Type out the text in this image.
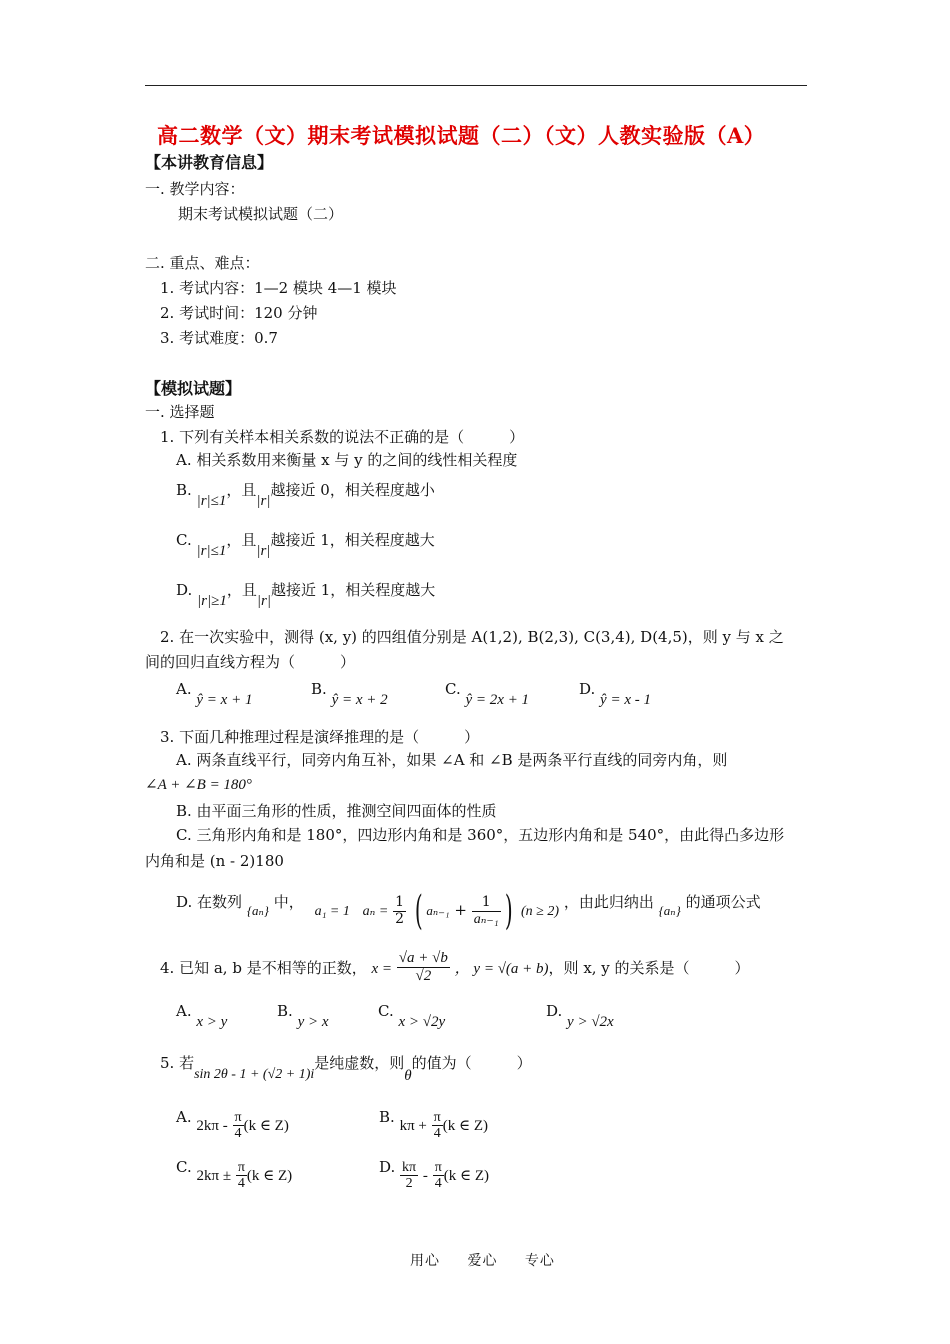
高二数学（文）期末考试模拟试题（二）（文）人教实验版（A）
【本讲教育信息】
一. 教学内容：
期末考试模拟试题（二）
二. 重点、难点：
1. 考试内容：1—2 模块 4—1 模块
2. 考试时间：120 分钟
3. 考试难度：0.7
【模拟试题】
一. 选择题
1. 下列有关样本相关系数的说法不正确的是（　　　）
A. 相关系数用来衡量 x 与 y 的之间的线性相关程度
B. |r|≤1，且|r|越接近 0，相关程度越小
C. |r|≤1，且|r|越接近 1，相关程度越大
D. |r|≥1，且|r|越接近 1，相关程度越大
2. 在一次实验中，测得 (x, y) 的四组值分别是 A(1,2), B(2,3), C(3,4), D(4,5)，则 y 与 x 之
间的回归直线方程为（　　　）
A. ŷ = x + 1
B. ŷ = x + 2
C. ŷ = 2x + 1
D. ŷ = x - 1
3. 下面几种推理过程是演绎推理的是（　　　）
A. 两条直线平行，同旁内角互补，如果 ∠A 和 ∠B 是两条平行直线的同旁内角，则
∠A + ∠B = 180°
B. 由平面三角形的性质，推测空间四面体的性质
C. 三角形内角和是 180°，四边形内角和是 360°，五边形内角和是 540°，由此得凸多边形
内角和是 (n - 2)180
D. 在数列 {aₙ} 中， a₁ = 1 $a_n = \frac{1}{2}$ ( $a_{n-1} + \frac{1}{\text{aₙ₋₁}}$ ) (n ≥ 2) ，由此归纳出 {aₙ} 的通项公式
4. 已知 a, b 是不相等的正数， $x = \frac{√a + √b}{√2}$ ， y = √(a + b)，则 x, y 的关系是（　　　）
A. x > y
B. y > x
C. x > √2y
D. y > √2x
5. 若sin 2θ - 1 + (√2 + 1)i是纯虚数，则θ的值为（　　　）
A. $2k\pi - \frac{\pi}{4} (k$ ∈ Z)	B. $k\pi + \frac{\pi}{4} (k$ ∈ Z)
C. $2k\pi \pm \frac{\pi}{4} (k$ ∈ Z)	D. $\frac{k\pi}{2} - \frac{\pi}{4} (k$ ∈ Z)
用心 爱心 专心
